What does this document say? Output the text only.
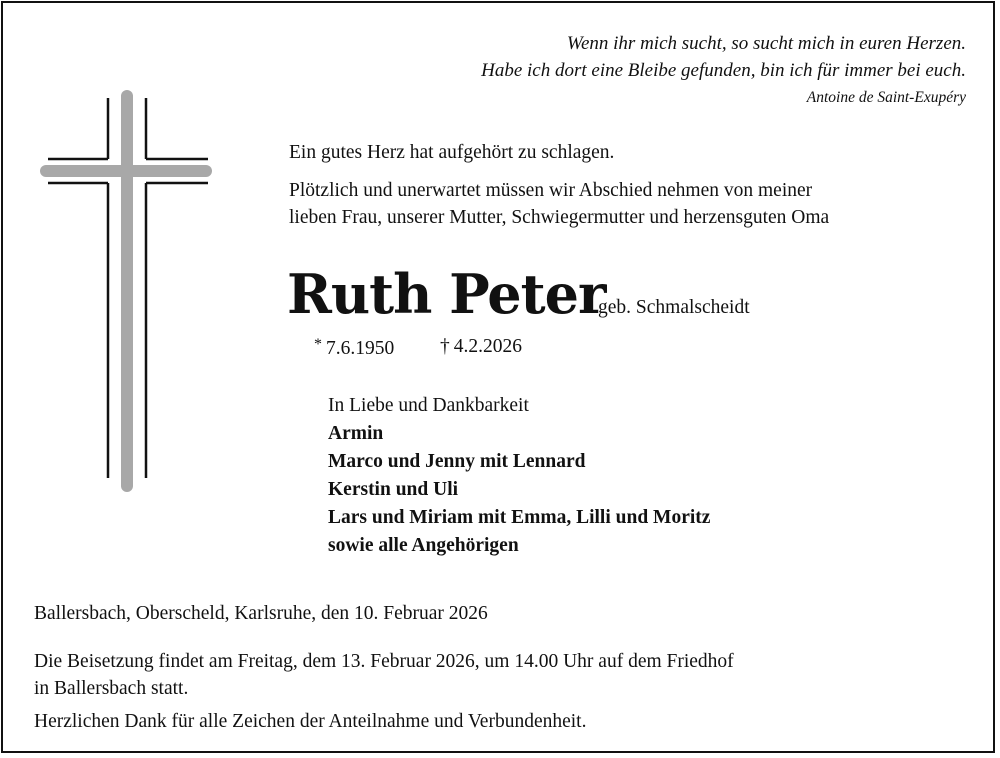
Wenn ihr mich sucht, so sucht mich in euren Herzen.
Habe ich dort eine Bleibe gefunden, bin ich für immer bei euch.
Antoine de Saint-Exupéry
Ein gutes Herz hat aufgehört zu schlagen.
Plötzlich und unerwartet müssen wir Abschied nehmen von meiner
lieben Frau, unserer Mutter, Schwiegermutter und herzensguten Oma
Ruth Peter
geb. Schmalscheidt
* 7.6.1950 † 4.2.2026
In Liebe und Dankbarkeit
Armin
Marco und Jenny mit Lennard
Kerstin und Uli
Lars und Miriam mit Emma, Lilli und Moritz
sowie alle Angehörigen
Ballersbach, Oberscheld, Karlsruhe, den 10. Februar 2026
Die Beisetzung findet am Freitag, dem 13. Februar 2026, um 14.00 Uhr auf dem Friedhof
in Ballersbach statt.
Herzlichen Dank für alle Zeichen der Anteilnahme und Verbundenheit.
